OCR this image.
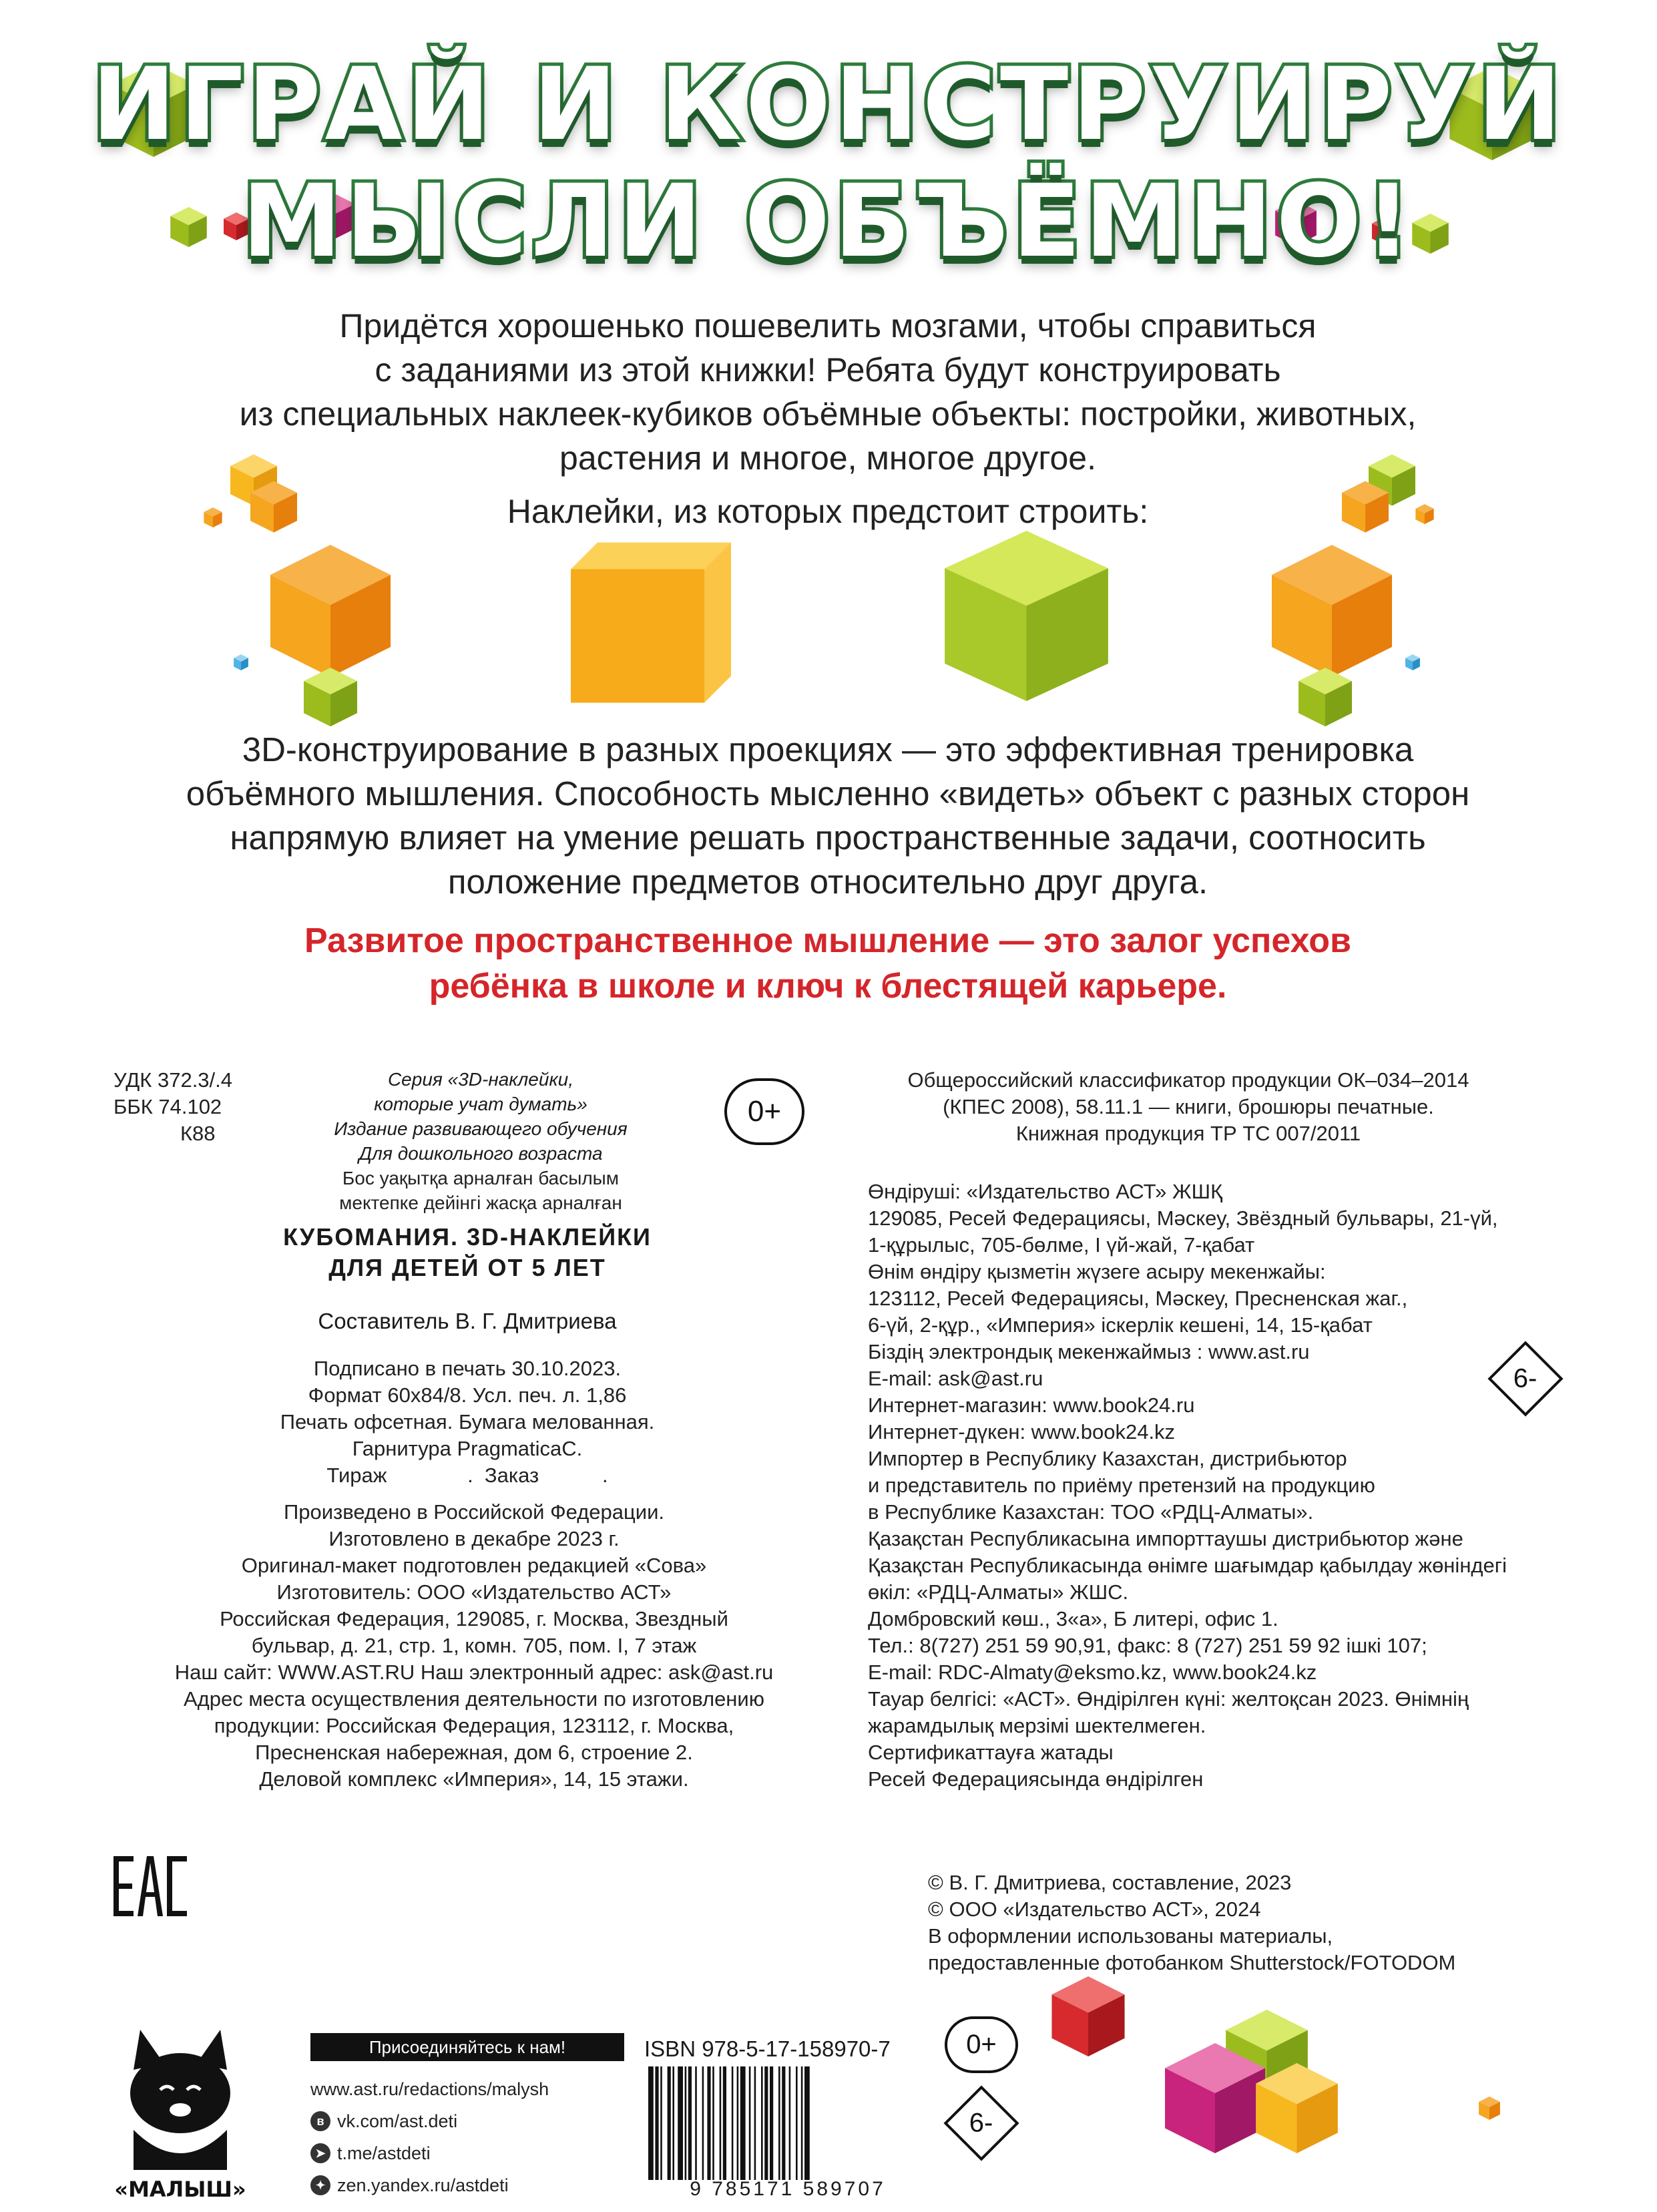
ИГРАЙ И КОНСТРУИРУЙ
МЫСЛИ ОБЪЁМНО!

Придётся хорошенько пошевелить мозгами, чтобы справиться
с заданиями из этой книжки! Ребята будут конструировать
из специальных наклеек-кубиков объёмные объекты: постройки, животных,
растения и многое, многое другое.

Наклейки, из которых предстоит строить:

3D-конструирование в разных проекциях — это эффективная тренировка
объёмного мышления. Способность мысленно «видеть» объект с разных сторон
напрямую влияет на умение решать пространственные задачи, соотносить
положение предметов относительно друг друга.
Развитое пространственное мышление — это залог успехов
ребёнка в школе и ключ к блестящей карьере.
УДК 372.3/.4
ББК 74.102
К88
Серия «3D-наклейки,
которые учат думать»
Издание развивающего обучения
Для дошкольного возраста
Бос уақытқа арналған басылым
мектепке дейінгі жасқа арналған
0+
КУБОМАНИЯ. 3D-НАКЛЕЙКИ
ДЛЯ ДЕТЕЙ ОТ 5 ЛЕТ
Составитель В. Г. Дмитриева
Подписано в печать 30.10.2023.
Формат 60х84/8. Усл. печ. л. 1,86
Печать офсетная. Бумага мелованная.
Гарнитура PragmaticaC.
Тираж              .  Заказ           .
Произведено в Российской Федерации.
Изготовлено в декабре 2023 г.
Оригинал-макет подготовлен редакцией «Сова»
Изготовитель: ООО «Издательство АСТ»
Российская Федерация, 129085, г. Москва, Звездный
бульвар, д. 21, стр. 1, комн. 705, пом. I, 7 этаж
Наш сайт: WWW.AST.RU Наш электронный адрес: ask@ast.ru
Адрес места осуществления деятельности по изготовлению
продукции: Российская Федерация, 123112, г. Москва,
Пресненская набережная, дом 6, строение 2.
Деловой комплекс «Империя», 14, 15 этажи.
Общероссийский классификатор продукции ОК–034–2014
(КПЕС 2008), 58.11.1 — книги, брошюры печатные.
Книжная продукция ТР ТС 007/2011
Өндіруші: «Издательство АСТ» ЖШҚ
129085, Ресей Федерациясы, Мәскеу, Звёздный бульвары, 21-үй,
1-құрылыс, 705-бөлме, I үй-жай, 7-қабат
Өнім өндіру қызметін жүзеге асыру мекенжайы:
123112, Ресей Федерациясы, Мәскеу, Пресненская жаг.,
6-үй, 2-құр., «Империя» іскерлік кешені, 14, 15-қабат
Біздің электрондық мекенжаймыз : www.ast.ru
E-mail: ask@ast.ru
Интернет-магазин: www.book24.ru
Интернет-дүкен: www.book24.kz
Импортер в Республику Казахстан, дистрибьютор
и представитель по приёму претензий на продукцию
в Республике Казахстан: ТОО «РДЦ-Алматы».
Қазақстан Республикасына импорттаушы дистрибьютор және
Қазақстан Республикасында өнімге шағымдар қабылдау жөніндегі
өкіл: «РДЦ-Алматы» ЖШС.
Домбровский көш., 3«а», Б литері, офис 1.
Тел.: 8(727) 251 59 90,91, факс: 8 (727) 251 59 92 ішкі 107;
E-mail: RDC-Almaty@eksmo.kz, www.book24.kz
Тауар белгісі: «АСТ». Өндірілген күні: желтоқсан 2023. Өнімнің
жарамдылық мерзімі шектелмеген.
Сертификаттауға жатады
Ресей Федерациясында өндірілген
6-
© В. Г. Дмитриева, составление, 2023
© ООО «Издательство АСТ», 2024
В оформлении использованы материалы,
предоставленные фотобанком Shutterstock/FOTODOM
«МАЛЫШ»
Присоединяйтесь к нам!
www.ast.ru/redactions/malysh
в vk.com/ast.deti
➤ t.me/astdeti
✦ zen.yandex.ru/astdeti
ISBN 978-5-17-158970-7
9 785171 589707
0+
6-
